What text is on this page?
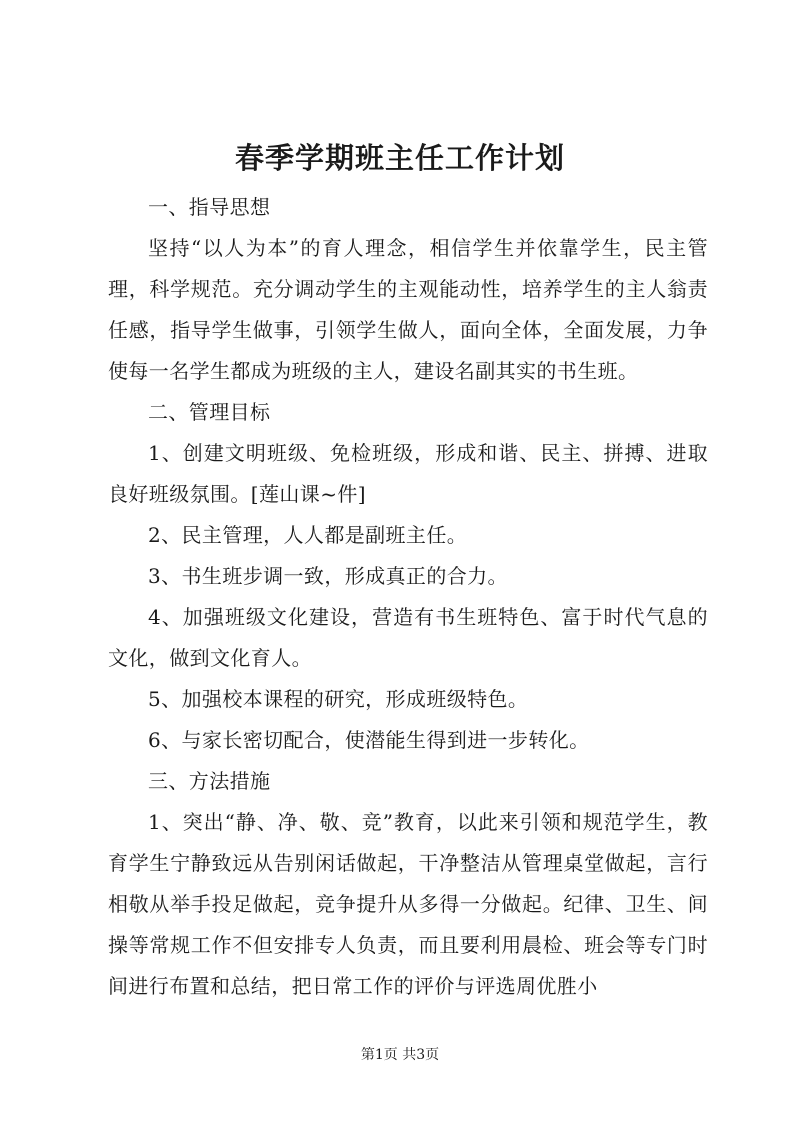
春季学期班主任工作计划

一、指导思想

坚持“以人为本”的育人理念，相信学生并依靠学生，民主管理，科学规范。充分调动学生的主观能动性，培养学生的主人翁责任感，指导学生做事，引领学生做人，面向全体，全面发展，力争使每一名学生都成为班级的主人，建设名副其实的书生班。

二、管理目标

1、创建文明班级、免检班级，形成和谐、民主、拼搏、进取良好班级氛围。[莲山课~件]

2、民主管理，人人都是副班主任。

3、书生班步调一致，形成真正的合力。

4、加强班级文化建设，营造有书生班特色、富于时代气息的文化，做到文化育人。

5、加强校本课程的研究，形成班级特色。

6、与家长密切配合，使潜能生得到进一步转化。

三、方法措施

1、突出“静、净、敬、竞”教育，以此来引领和规范学生，教育学生宁静致远从告别闲话做起，干净整洁从管理桌堂做起，言行相敬从举手投足做起，竞争提升从多得一分做起。纪律、卫生、间操等常规工作不但安排专人负责，而且要利用晨检、班会等专门时间进行布置和总结，把日常工作的评价与评选周优胜小

第1页 共3页
